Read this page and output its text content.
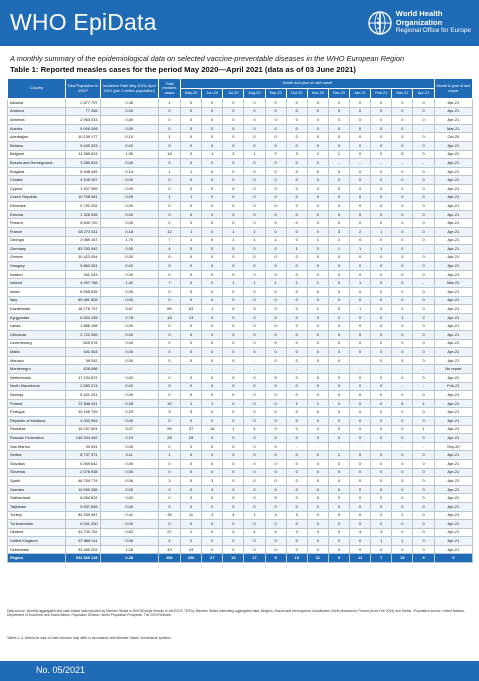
WHO EpiData	World Health
Organization
Regional Office for Europe
A monthly summary of the epidemiological data on selected vaccine-preventable diseases in the WHO European Region
Table 1: Reported measles cases for the period May 2020—April 2021 (data as of 03 June 2021)
Country	Total Population in 2020¹	Incidence Rate May 2020–April 2021 (per 1 million population)	Total measles cases	Month and year of rash onset												Month & year of last report
				May-20	Jun-20	Jul-20	Aug-20	Sep-20	Oct-20	Nov-20	Dec-20	Jan-21	Feb-21	Mar-21	Apr-21	
Albania	2 877 797	0.35	1	0	0	0	0	0	0	0	1	0	0	0	0	Apr-21
Andorra	77 265	0.00	0	0	0	0	0	0	0	0	0	0	0	0	0	Apr-21
Armenia	2 963 243	0.00	0	0	0	0	0	0	0	0	0	0	0	0	0	Apr-21
Austria	9 006 398	0.00	0	0	0	0	0	0	0	0	0	0	0	0	-	Mar-21
Azerbaijan	10 139 177	0.10	1	0	0	0	0	0	0	0	0	0	0	0	0	Oct-20
Belarus	9 449 323	0.00	0	0	0	0	0	0	0	0	0	0	0	0	0	Apr-21
Belgium	11 589 623	1.55	18	0	1	3	1	2	3	2	1	0	0	5	0	Apr-21
Bosnia and Herzegovina	3 280 819	0.00	0	0	0	0	0	0	0	0	-	-	-	-	-	Apr-21
Bulgaria	6 948 445	0.14	1	1	0	0	0	0	0	0	0	0	0	0	0	Apr-21
Croatia	4 105 267	0.00	0	0	0	0	0	0	0	0	0	0	0	0	0	Apr-21
Cyprus	1 207 359	0.00	0	0	0	0	0	0	0	0	0	0	0	0	0	Apr-21
Czech Republic	10 708 981	0.09	1	1	0	0	0	0	0	0	0	0	0	0	0	Apr-21
Denmark	5 792 202	0.00	0	0	0	0	0	0	0	0	0	0	0	0	0	Apr-21
Estonia	1 326 535	0.00	0	0	0	0	0	0	0	0	0	0	0	0	0	Apr-21
Finland	5 540 720	0.00	0	0	0	0	0	0	0	0	0	0	0	0	0	Apr-21
France	65 273 511	0.18	12	1	0	1	2	0	0	0	3	2	1	0	0	Apr-21
Georgia	3 989 167	1.75	7	1	0	1	1	1	0	1	2	0	0	0	0	Apr-21
Germany	83 783 942	0.05	4	0	0	0	0	0	1	0	1	1	1	0	-	Apr-21
Greece	10 423 054	0.00	0	0	0	0	0	0	0	0	0	0	0	0	0	Apr-21
Hungary	9 660 351	0.00	0	0	0	0	0	0	0	0	0	0	0	0	0	Apr-21
Iceland	341 243	0.00	0	0	0	0	0	0	0	0	0	0	0	0	0	Apr-21
Ireland	4 937 786	1.42	7	0	0	1	1	1	2	1	0	1	0	0	-	Mar-21
Israel	8 655 535	0.00	0	0	0	0	0	0	0	0	0	0	0	0	0	Apr-21
Italy	60 461 826	0.00	0	0	0	0	0	0	0	0	0	0	0	0	0	Apr-21
Kazakhstan	18 776 707	3.67	69	63	1	0	3	0	0	1	0	1	0	0	0	Apr-21
Kyrgyzstan	6 524 195	2.76	18	13	0	0	0	0	0	0	2	0	0	1	2	Apr-21
Latvia	1 886 198	0.00	0	0	0	0	0	0	0	0	0	0	0	0	0	Apr-21
Lithuania	2 722 289	0.00	0	0	0	0	0	0	0	0	0	0	0	0	0	Apr-21
Luxembourg	625 978	0.00	0	0	0	0	0	0	0	0	0	0	0	0	0	Apr-21
Malta	441 543	0.00	0	0	0	0	0	0	0	0	0	0	0	0	0	Apr-21
Monaco	39 242	0.00	0	0	0	0	-	0	0	0	0	-	0	0	0	Apr-21
Montenegro	628 066	-	-	-	-	-	-	-	-	-	-	-	-	-	-	No report
Netherlands	17 134 872	0.00	0	0	0	0	0	0	0	0	0	0	0	0	0	Apr-21
North Macedonia	2 083 374	0.00	0	0	0	0	0	0	0	0	0	0	0	-	-	Feb-21
Norway	5 421 241	0.00	0	0	0	0	0	0	0	0	0	0	0	0	0	Apr-21
Poland	37 846 611	0.26	10	1	1	0	0	0	1	1	0	0	0	5	1	Apr-21
Portugal	10 196 709	0.29	3	3	0	0	0	0	0	0	0	0	0	0	0	Apr-21
Republic of Moldova	4 033 963	0.00	0	0	0	0	0	0	0	0	0	0	0	0	0	Apr-21
Romania	19 237 691	3.07	59	37	16	1	4	0	0	0	0	0	0	0	1	Apr-21
Russian Federation	145 934 462	0.19	28	28	0	0	0	0	0	0	0	0	0	0	0	Apr-21
San Marino	33 931	0.00	0	0	0	0	0	0	-	-	-	-	-	-	-	Sep-20
Serbia	8 737 371	0.11	1	0	0	0	0	0	0	0	1	0	0	0	0	Apr-21
Slovakia	5 459 642	0.00	0	0	0	0	0	0	0	0	0	0	0	0	0	Apr-21
Slovenia	2 078 938	0.00	0	0	0	0	0	0	0	0	0	0	0	0	0	Apr-21
Spain	46 754 778	0.06	3	0	3	0	0	0	0	0	0	0	0	0	0	Apr-21
Sweden	10 099 265	0.00	0	0	0	0	0	0	0	0	0	0	0	0	0	Apr-21
Switzerland	8 654 622	0.00	0	0	0	0	0	0	0	0	0	0	0	0	0	Apr-21
Tajikistan	9 537 645	0.00	0	0	0	0	0	0	0	0	0	0	0	0	0	Apr-21
Turkey	84 339 067	0.41	35	11	3	4	1	4	3	0	5	0	2	2	0	Apr-21
Turkmenistan	6 031 200	0.00	0	0	0	0	0	0	0	0	0	0	0	0	0	Apr-21
Ukraine	43 733 762	0.62	27	1	2	2	4	4	4	3	0	4	3	0	0	Apr-21
United Kingdom	67 886 011	0.06	4	2	0	0	0	0	0	0	0	0	1	1	0	Apr-21
Uzbekistan	33 469 203	1.28	43	43	0	0	0	0	0	0	0	0	0	0	0	Apr-21
Region	932 565 149	0.38	352	206	27	13	17	9	15	11	9	11	7	15	9	9
Data source: Monthly aggregated and case-based data reported by Member States to WHO/Europe directly or via ECDC TESSy. Member States submitting aggregated data: Belgium, Bosnia and Herzegovina, Kazakhstan, North Macedonia, Poland (since Feb 2019) and Serbia. ¹Population source: United Nations, Department of Economic and Social Affairs, Population Division. World Population Prospects: The 2019 Revision.
Tables 1–4, criteria for date of case inclusion may differ in accordance with Member States' surveillance systems.
No. 05/2021
